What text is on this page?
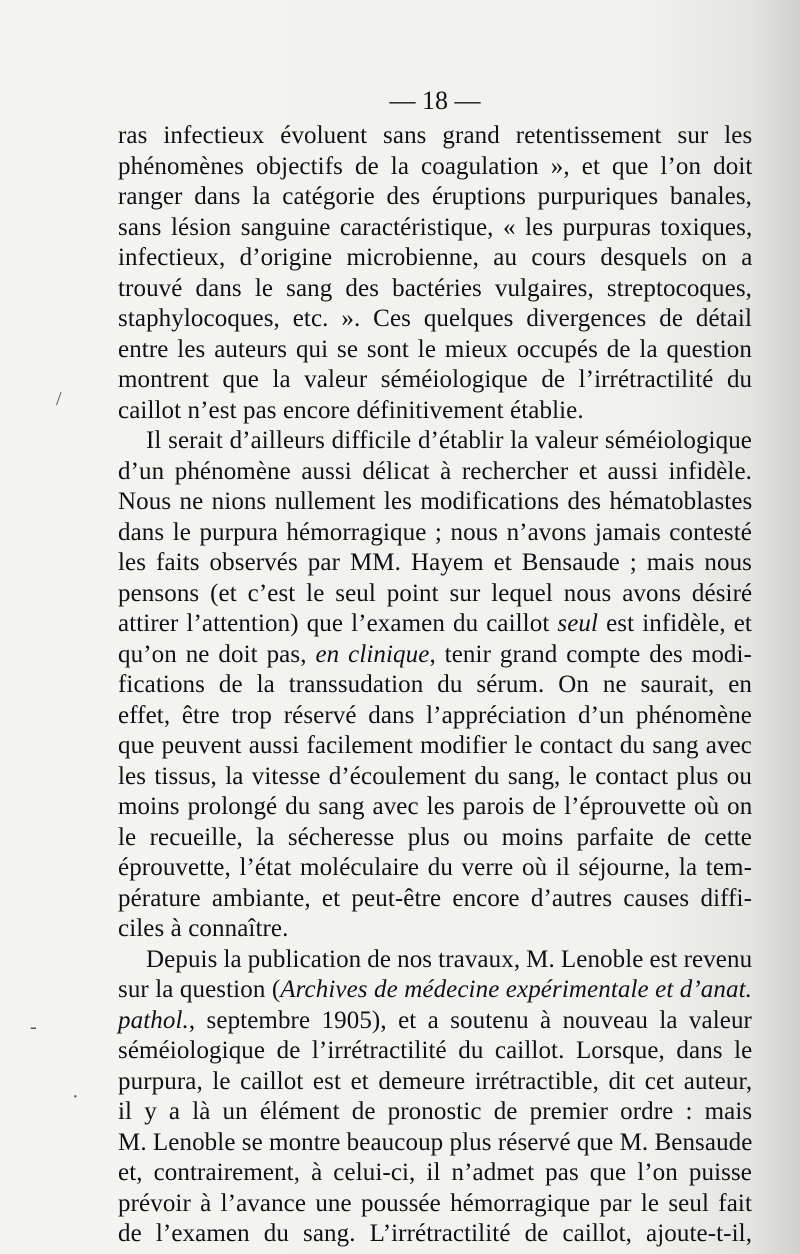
— 18 —
ras infectieux évoluent sans grand retentissement sur les
phénomènes objectifs de la coagulation », et que l’on doit
ranger dans la catégorie des éruptions purpuriques banales,
sans lésion sanguine caractéristique, « les purpuras toxiques,
infectieux, d’origine microbienne, au cours desquels on a
trouvé dans le sang des bactéries vulgaires, streptocoques,
staphylocoques, etc. ». Ces quelques divergences de détail
entre les auteurs qui se sont le mieux occupés de la question
montrent que la valeur séméiologique de l’irrétractilité du
caillot n’est pas encore définitivement établie.
Il serait d’ailleurs difficile d’établir la valeur séméiologique
d’un phénomène aussi délicat à rechercher et aussi infidèle.
Nous ne nions nullement les modifications des hématoblastes
dans le purpura hémorragique ; nous n’avons jamais contesté
les faits observés par MM. Hayem et Bensaude ; mais nous
pensons (et c’est le seul point sur lequel nous avons désiré
attirer l’attention) que l’examen du caillot seul est infidèle, et
qu’on ne doit pas, en clinique, tenir grand compte des modi-
fications de la transsudation du sérum. On ne saurait, en
effet, être trop réservé dans l’appréciation d’un phénomène
que peuvent aussi facilement modifier le contact du sang avec
les tissus, la vitesse d’écoulement du sang, le contact plus ou
moins prolongé du sang avec les parois de l’éprouvette où on
le recueille, la sécheresse plus ou moins parfaite de cette
éprouvette, l’état moléculaire du verre où il séjourne, la tem-
pérature ambiante, et peut-être encore d’autres causes diffi-
ciles à connaître.
Depuis la publication de nos travaux, M. Lenoble est revenu
sur la question (Archives de médecine expérimentale et d’anat.
pathol., septembre 1905), et a soutenu à nouveau la valeur
séméiologique de l’irrétractilité du caillot. Lorsque, dans le
purpura, le caillot est et demeure irrétractible, dit cet auteur,
il y a là un élément de pronostic de premier ordre : mais
M. Lenoble se montre beaucoup plus réservé que M. Bensaude
et, contrairement, à celui-ci, il n’admet pas que l’on puisse
prévoir à l’avance une poussée hémorragique par le seul fait
de l’examen du sang. L’irrétractilité de caillot, ajoute-t-il,
/
-
·
